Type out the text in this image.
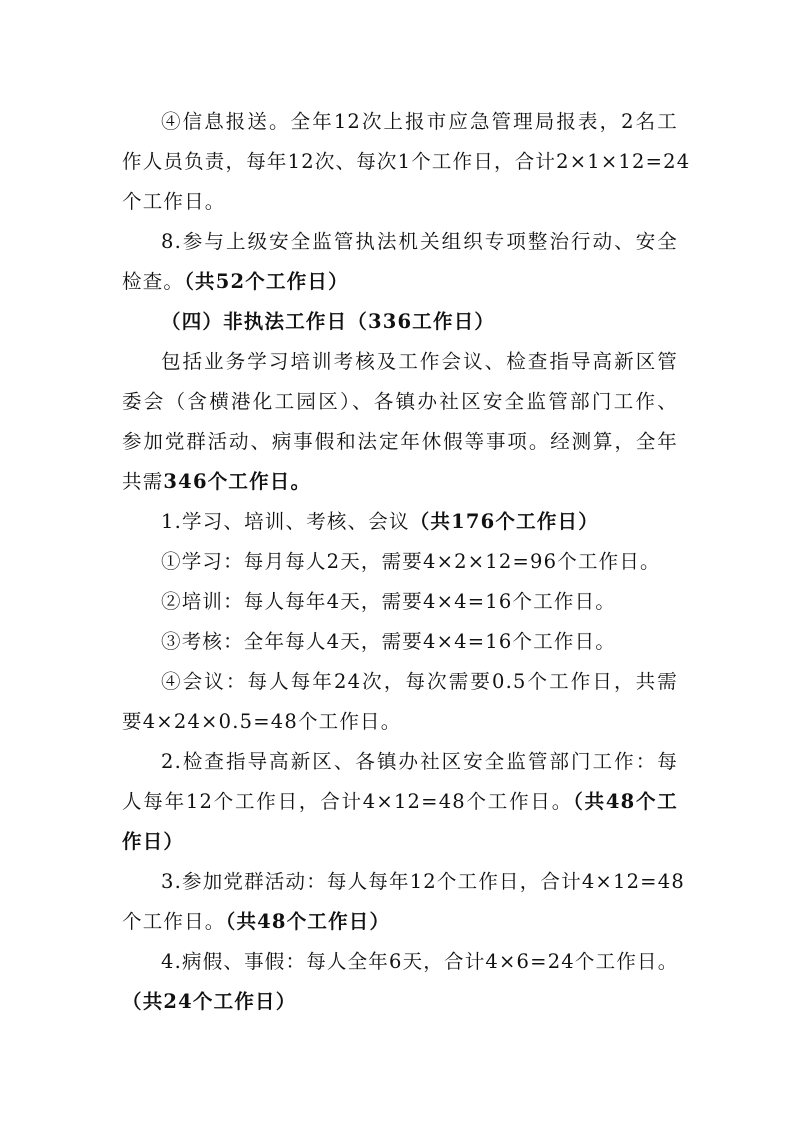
④信息报送。全年12次上报市应急管理局报表，2名工
作人员负责，每年12次、每次1个工作日，合计2×1×12=24
个工作日。
8.参与上级安全监管执法机关组织专项整治行动、安全
检查。（共52个工作日）
（四）非执法工作日（336工作日）
包括业务学习培训考核及工作会议、检查指导高新区管
委会（含横港化工园区）、各镇办社区安全监管部门工作、
参加党群活动、病事假和法定年休假等事项。经测算，全年
共需346个工作日。
1.学习、培训、考核、会议（共176个工作日）
①学习：每月每人2天，需要4×2×12=96个工作日。
②培训：每人每年4天，需要4×4=16个工作日。
③考核：全年每人4天，需要4×4=16个工作日。
④会议：每人每年24次，每次需要0.5个工作日，共需
要4×24×0.5=48个工作日。
2.检查指导高新区、各镇办社区安全监管部门工作：每
人每年12个工作日，合计4×12=48个工作日。（共48个工
作日）
3.参加党群活动：每人每年12个工作日，合计4×12=48
个工作日。（共48个工作日）
4.病假、事假：每人全年6天，合计4×6=24个工作日。
（共24个工作日）
